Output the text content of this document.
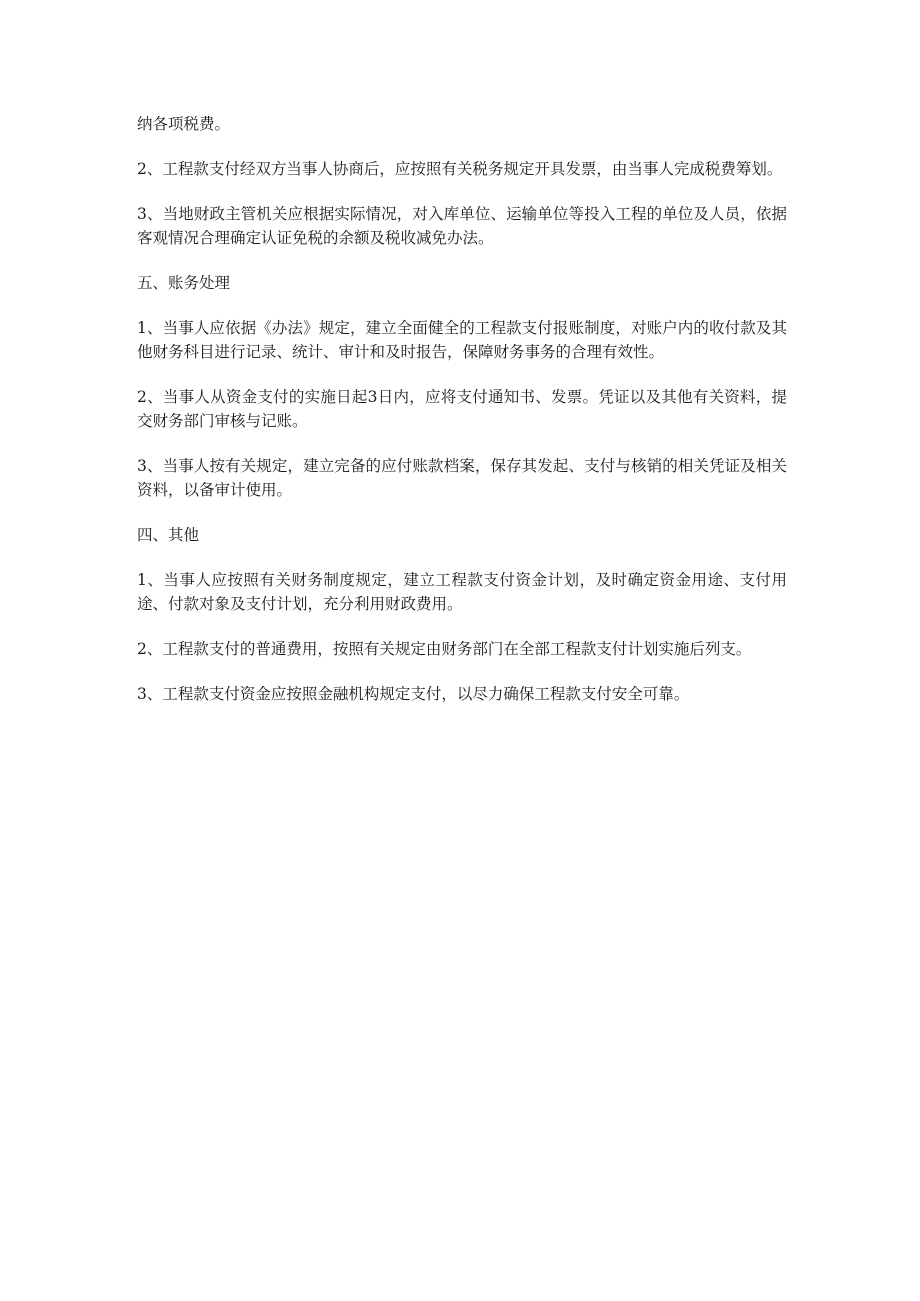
纳各项税费。

2、工程款支付经双方当事人协商后，应按照有关税务规定开具发票，由当事人完成税费筹划。

3、当地财政主管机关应根据实际情况，对入库单位、运输单位等投入工程的单位及人员，依据客观情况合理确定认证免税的余额及税收减免办法。

五、账务处理

1、当事人应依据《办法》规定，建立全面健全的工程款支付报账制度，对账户内的收付款及其他财务科目进行记录、统计、审计和及时报告，保障财务事务的合理有效性。

2、当事人从资金支付的实施日起3日内，应将支付通知书、发票。凭证以及其他有关资料，提交财务部门审核与记账。

3、当事人按有关规定，建立完备的应付账款档案，保存其发起、支付与核销的相关凭证及相关资料，以备审计使用。

四、其他

1、当事人应按照有关财务制度规定，建立工程款支付资金计划，及时确定资金用途、支付用途、付款对象及支付计划，充分利用财政费用。

2、工程款支付的普通费用，按照有关规定由财务部门在全部工程款支付计划实施后列支。

3、工程款支付资金应按照金融机构规定支付，以尽力确保工程款支付安全可靠。
